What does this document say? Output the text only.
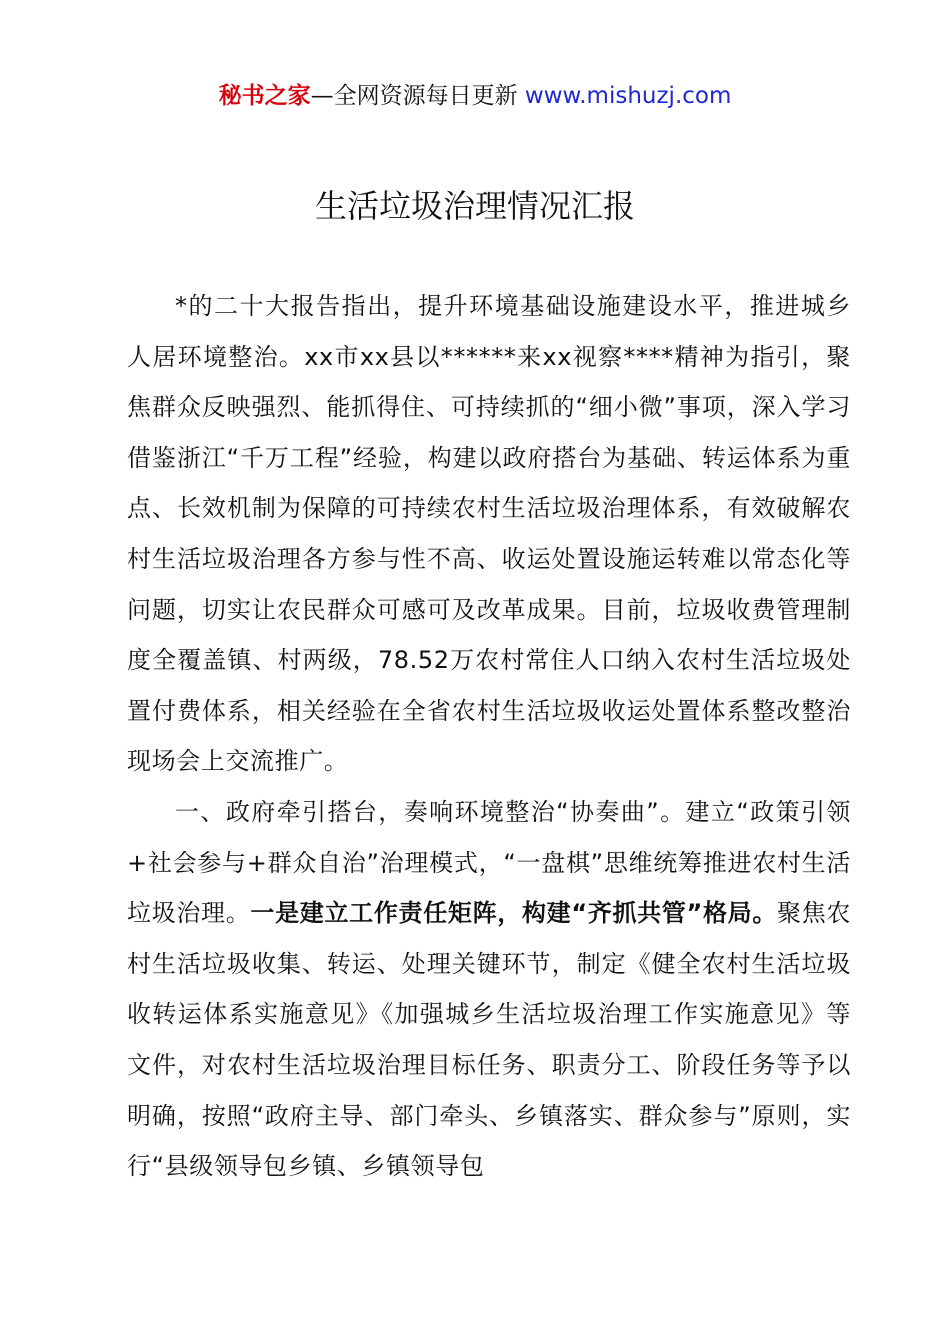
秘书之家—全网资源每日更新 www.mishuzj.com
生活垃圾治理情况汇报

*的二十大报告指出，提升环境基础设施建设水平，推进城乡人居环境整治。xx市xx县以******来xx视察****精神为指引，聚焦群众反映强烈、能抓得住、可持续抓的“细小微”事项，深入学习借鉴浙江“千万工程”经验，构建以政府搭台为基础、转运体系为重点、长效机制为保障的可持续农村生活垃圾治理体系，有效破解农村生活垃圾治理各方参与性不高、收运处置设施运转难以常态化等问题，切实让农民群众可感可及改革成果。目前，垃圾收费管理制度全覆盖镇、村两级，78.52万农村常住人口纳入农村生活垃圾处置付费体系，相关经验在全省农村生活垃圾收运处置体系整改整治现场会上交流推广。

一、政府牵引搭台，奏响环境整治“协奏曲”。建立“政策引领+社会参与+群众自治”治理模式，“一盘棋”思维统筹推进农村生活垃圾治理。一是建立工作责任矩阵，构建“齐抓共管”格局。聚焦农村生活垃圾收集、转运、处理关键环节，制定《健全农村生活垃圾收转运体系实施意见》《加强城乡生活垃圾治理工作实施意见》等文件，对农村生活垃圾治理目标任务、职责分工、阶段任务等予以明确，按照“政府主导、部门牵头、乡镇落实、群众参与”原则，实行“县级领导包乡镇、乡镇领导包
